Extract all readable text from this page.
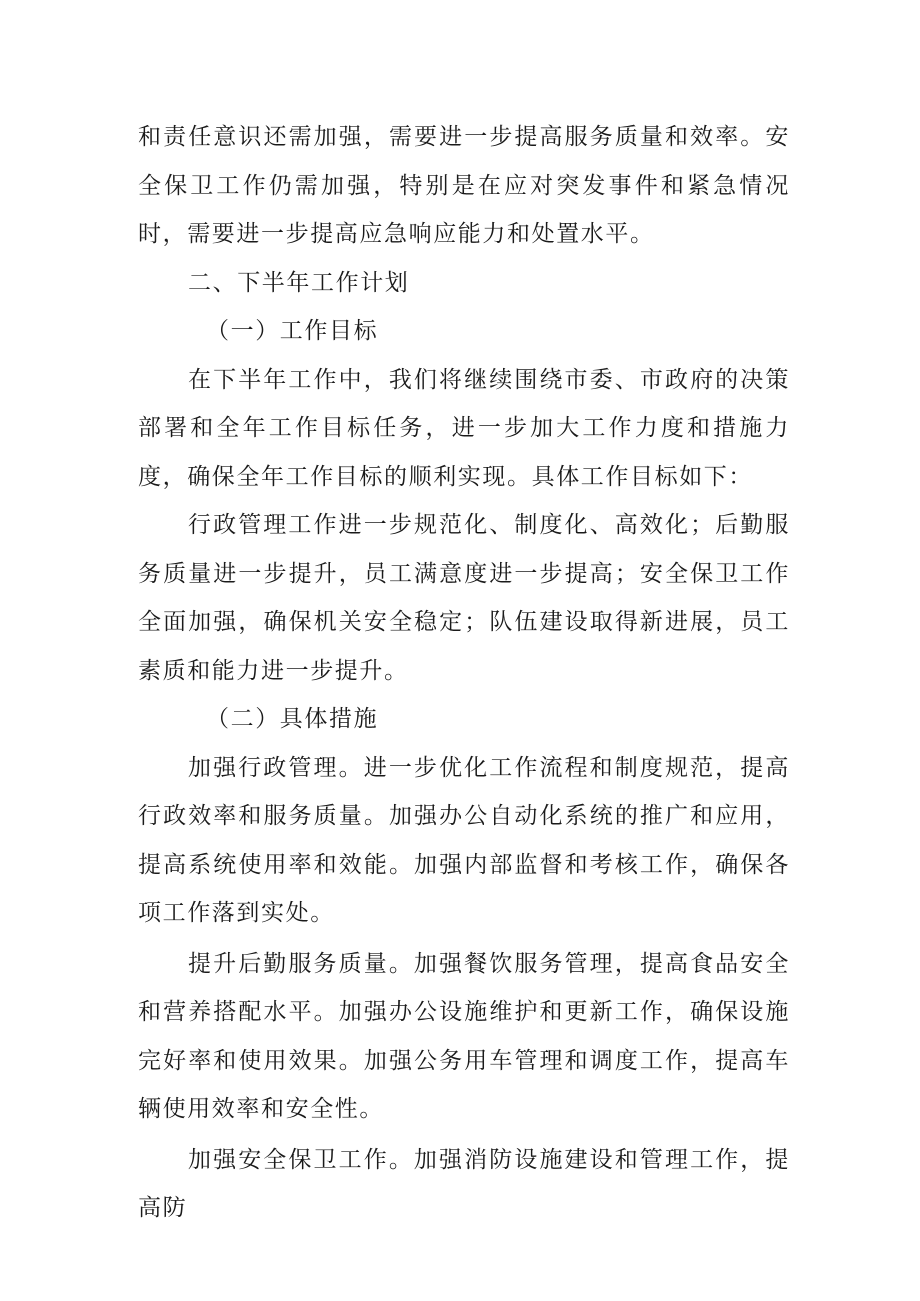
和责任意识还需加强，需要进一步提高服务质量和效率。安全保卫工作仍需加强，特别是在应对突发事件和紧急情况时，需要进一步提高应急响应能力和处置水平。

二、下半年工作计划

（一）工作目标

在下半年工作中，我们将继续围绕市委、市政府的决策部署和全年工作目标任务，进一步加大工作力度和措施力度，确保全年工作目标的顺利实现。具体工作目标如下：

行政管理工作进一步规范化、制度化、高效化；后勤服务质量进一步提升，员工满意度进一步提高；安全保卫工作全面加强，确保机关安全稳定；队伍建设取得新进展，员工素质和能力进一步提升。

（二）具体措施

加强行政管理。进一步优化工作流程和制度规范，提高行政效率和服务质量。加强办公自动化系统的推广和应用，提高系统使用率和效能。加强内部监督和考核工作，确保各项工作落到实处。

提升后勤服务质量。加强餐饮服务管理，提高食品安全和营养搭配水平。加强办公设施维护和更新工作，确保设施完好率和使用效果。加强公务用车管理和调度工作，提高车辆使用效率和安全性。

加强安全保卫工作。加强消防设施建设和管理工作，提高防
